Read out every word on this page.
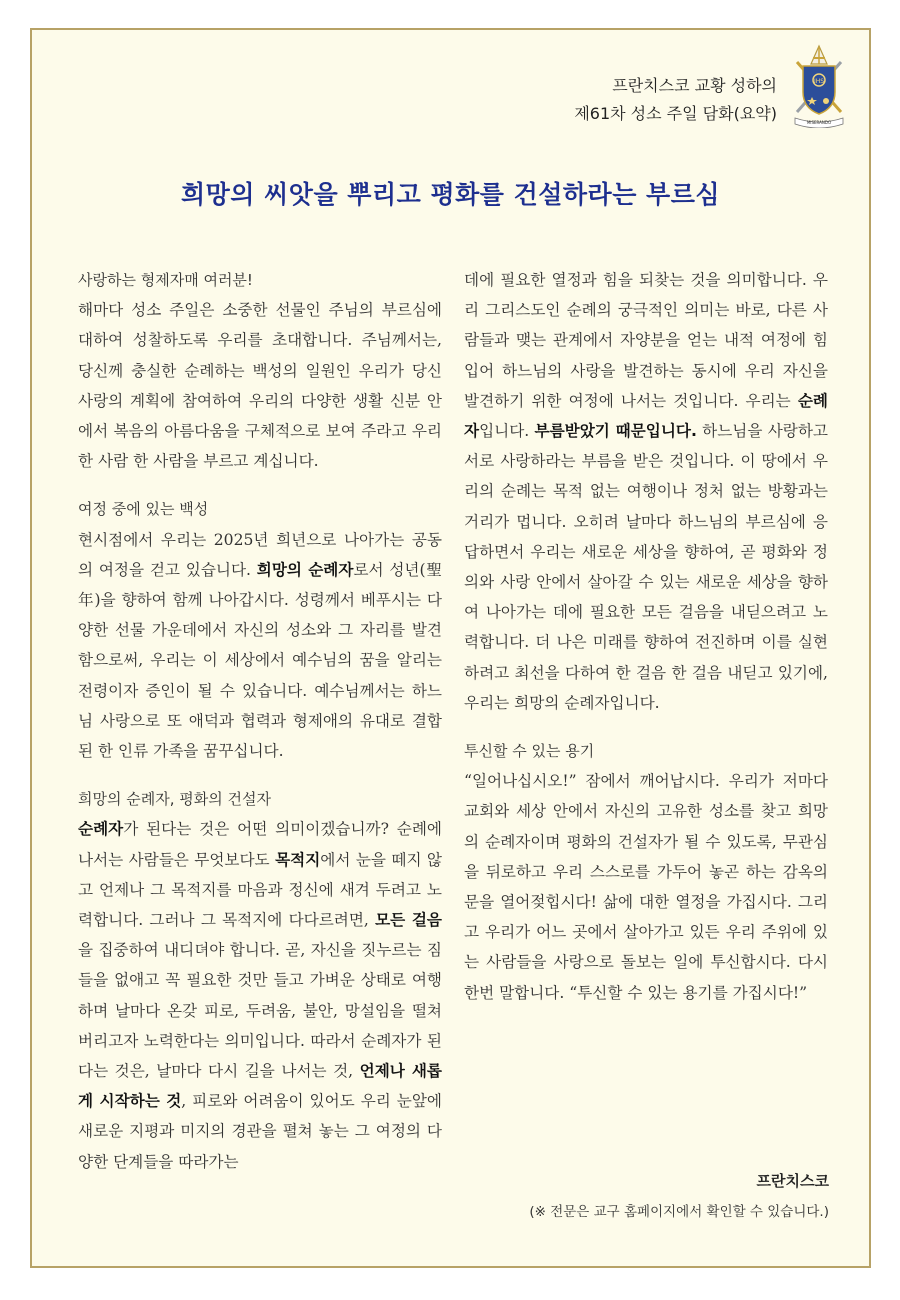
프란치스코 교황 성하의
제61차 성소 주일 담화(요약)
IHS
MISERANDO
희망의 씨앗을 뿌리고 평화를 건설하라는 부르심

사랑하는 형제자매 여러분!

해마다 성소 주일은 소중한 선물인 주님의 부르심에 대하여 성찰하도록 우리를 초대합니다. 주님께서는, 당신께 충실한 순례하는 백성의 일원인 우리가 당신 사랑의 계획에 참여하여 우리의 다양한 생활 신분 안에서 복음의 아름다움을 구체적으로 보여 주라고 우리 한 사람 한 사람을 부르고 계십니다.

여정 중에 있는 백성

현시점에서 우리는 2025년 희년으로 나아가는 공동의 여정을 걷고 있습니다. 희망의 순례자로서 성년(聖年)을 향하여 함께 나아갑시다. 성령께서 베푸시는 다양한 선물 가운데에서 자신의 성소와 그 자리를 발견함으로써, 우리는 이 세상에서 예수님의 꿈을 알리는 전령이자 증인이 될 수 있습니다. 예수님께서는 하느님 사랑으로 또 애덕과 협력과 형제애의 유대로 결합된 한 인류 가족을 꿈꾸십니다.

희망의 순례자, 평화의 건설자

순례자가 된다는 것은 어떤 의미이겠습니까? 순례에 나서는 사람들은 무엇보다도 목적지에서 눈을 떼지 않고 언제나 그 목적지를 마음과 정신에 새겨 두려고 노력합니다. 그러나 그 목적지에 다다르려면, 모든 걸음을 집중하여 내디뎌야 합니다. 곧, 자신을 짓누르는 짐들을 없애고 꼭 필요한 것만 들고 가벼운 상태로 여행하며 날마다 온갖 피로, 두려움, 불안, 망설임을 떨쳐 버리고자 노력한다는 의미입니다. 따라서 순례자가 된다는 것은, 날마다 다시 길을 나서는 것, 언제나 새롭게 시작하는 것, 피로와 어려움이 있어도 우리 눈앞에 새로운 지평과 미지의 경관을 펼쳐 놓는 그 여정의 다양한 단계들을 따라가는

데에 필요한 열정과 힘을 되찾는 것을 의미합니다. 우리 그리스도인 순례의 궁극적인 의미는 바로, 다른 사람들과 맺는 관계에서 자양분을 얻는 내적 여정에 힘입어 하느님의 사랑을 발견하는 동시에 우리 자신을 발견하기 위한 여정에 나서는 것입니다. 우리는 순례자입니다. 부름받았기 때문입니다. 하느님을 사랑하고 서로 사랑하라는 부름을 받은 것입니다. 이 땅에서 우리의 순례는 목적 없는 여행이나 정처 없는 방황과는 거리가 멉니다. 오히려 날마다 하느님의 부르심에 응답하면서 우리는 새로운 세상을 향하여, 곧 평화와 정의와 사랑 안에서 살아갈 수 있는 새로운 세상을 향하여 나아가는 데에 필요한 모든 걸음을 내딛으려고 노력합니다. 더 나은 미래를 향하여 전진하며 이를 실현하려고 최선을 다하여 한 걸음 한 걸음 내딛고 있기에, 우리는 희망의 순례자입니다.

투신할 수 있는 용기

“일어나십시오!” 잠에서 깨어납시다. 우리가 저마다 교회와 세상 안에서 자신의 고유한 성소를 찾고 희망의 순례자이며 평화의 건설자가 될 수 있도록, 무관심을 뒤로하고 우리 스스로를 가두어 놓곤 하는 감옥의 문을 열어젖힙시다! 삶에 대한 열정을 가집시다. 그리고 우리가 어느 곳에서 살아가고 있든 우리 주위에 있는 사람들을 사랑으로 돌보는 일에 투신합시다. 다시 한번 말합니다. “투신할 수 있는 용기를 가집시다!”

프란치스코
(※ 전문은 교구 홈페이지에서 확인할 수 있습니다.)
